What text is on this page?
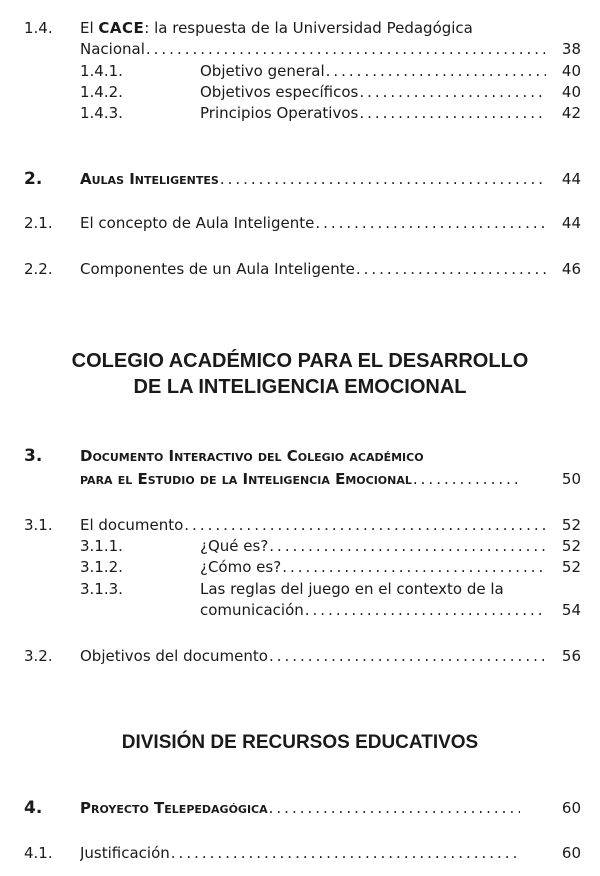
1.4. El CACE: la respuesta de la Universidad Pedagógica
Nacional .....	38
1.4.1.	Objetivo general .....	40
1.4.2.	Objetivos específicos .....	40
1.4.3.	Principios Operativos .....	42
2.	Aulas Inteligentes .....	44
2.1. El concepto de Aula Inteligente .....	44
2.2. Componentes de un Aula Inteligente .....	46
COLEGIO ACADÉMICO PARA EL DESARROLLO
DE LA INTELIGENCIA EMOCIONAL
3.	Documento Interactivo del Colegio académico
para el Estudio de la Inteligencia Emocional .....	50
3.1. El documento .....	52
3.1.1.	¿Qué es? .....	52
3.1.2.	¿Cómo es? .....	52
3.1.3.	Las reglas del juego en el contexto de la
comunicación .....	54
3.2. Objetivos del documento .....	56
DIVISIÓN DE RECURSOS EDUCATIVOS
4.	Proyecto Telepedagógica .....	60
4.1. Justificación .....	60
